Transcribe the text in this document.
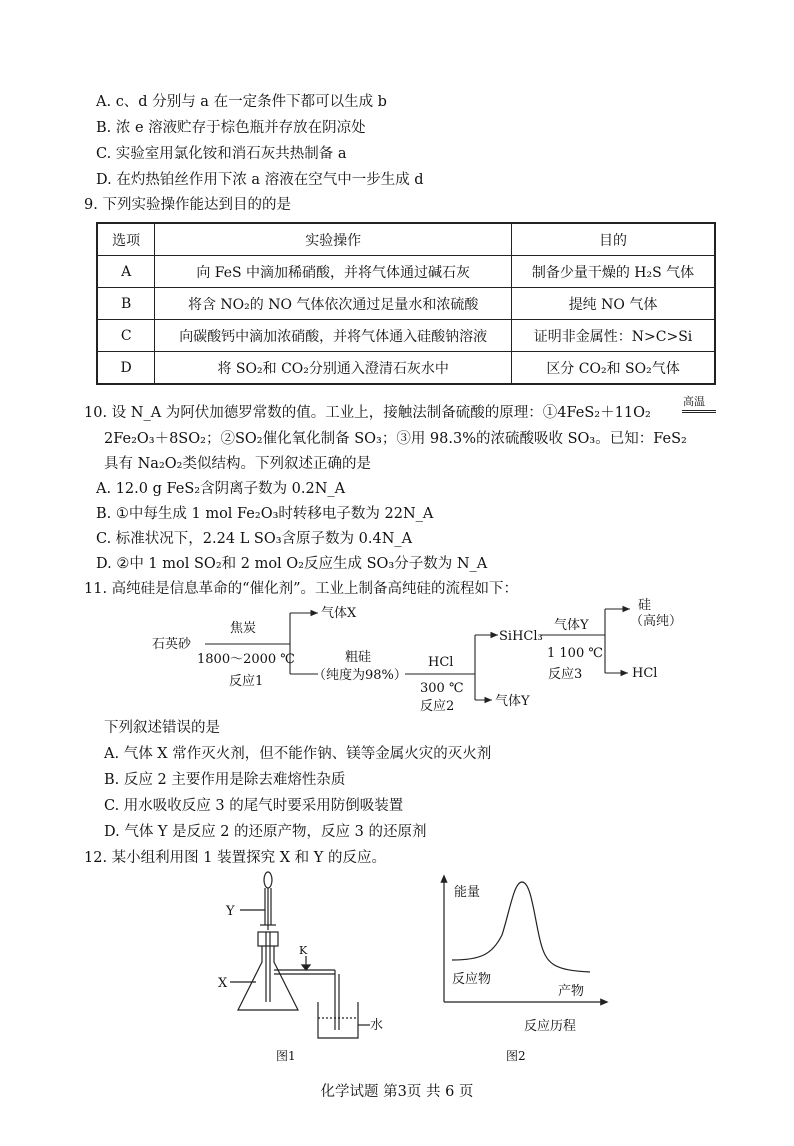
A. c、d 分别与 a 在一定条件下都可以生成 b
B. 浓 e 溶液贮存于棕色瓶并存放在阴凉处
C. 实验室用氯化铵和消石灰共热制备 a
D. 在灼热铂丝作用下浓 a 溶液在空气中一步生成 d
9. 下列实验操作能达到目的的是
选项	实验操作	目的
A	向 FeS 中滴加稀硝酸，并将气体通过碱石灰	制备少量干燥的 H₂S 气体
B	将含 NO₂的 NO 气体依次通过足量水和浓硫酸	提纯 NO 气体
C	向碳酸钙中滴加浓硝酸，并将气体通入硅酸钠溶液	证明非金属性：N>C>Si
D	将 SO₂和 CO₂分别通入澄清石灰水中	区分 CO₂和 SO₂气体
10. 设 N_A 为阿伏加德罗常数的值。工业上，接触法制备硫酸的原理：①4FeS₂＋11O₂
高温
2Fe₂O₃＋8SO₂；②SO₂催化氧化制备 SO₃；③用 98.3%的浓硫酸吸收 SO₃。已知：FeS₂
具有 Na₂O₂类似结构。下列叙述正确的是
A. 12.0 g FeS₂含阴离子数为 0.2N_A
B. ①中每生成 1 mol Fe₂O₃时转移电子数为 22N_A
C. 标准状况下，2.24 L SO₃含原子数为 0.4N_A
D. ②中 1 mol SO₂和 2 mol O₂反应生成 SO₃分子数为 N_A
11. 高纯硅是信息革命的“催化剂”。工业上制备高纯硅的流程如下：
石英砂
焦炭
1800～2000 ℃
反应1
气体X
粗硅
（纯度为98%）
HCl
300 ℃
反应2	气体Y
SiHCl₃
气体Y
1 100 ℃
反应3
硅
（高纯）
HCl
下列叙述错误的是
A. 气体 X 常作灭火剂，但不能作钠、镁等金属火灾的灭火剂
B. 反应 2 主要作用是除去难熔性杂质
C. 用水吸收反应 3 的尾气时要采用防倒吸装置
D. 气体 Y 是反应 2 的还原产物，反应 3 的还原剂
12. 某小组利用图 1 装置探究 X 和 Y 的反应。
Y
X
K
水
图1
能量
反应物
产物
反应历程
图2
化学试题 第3页 共 6 页
